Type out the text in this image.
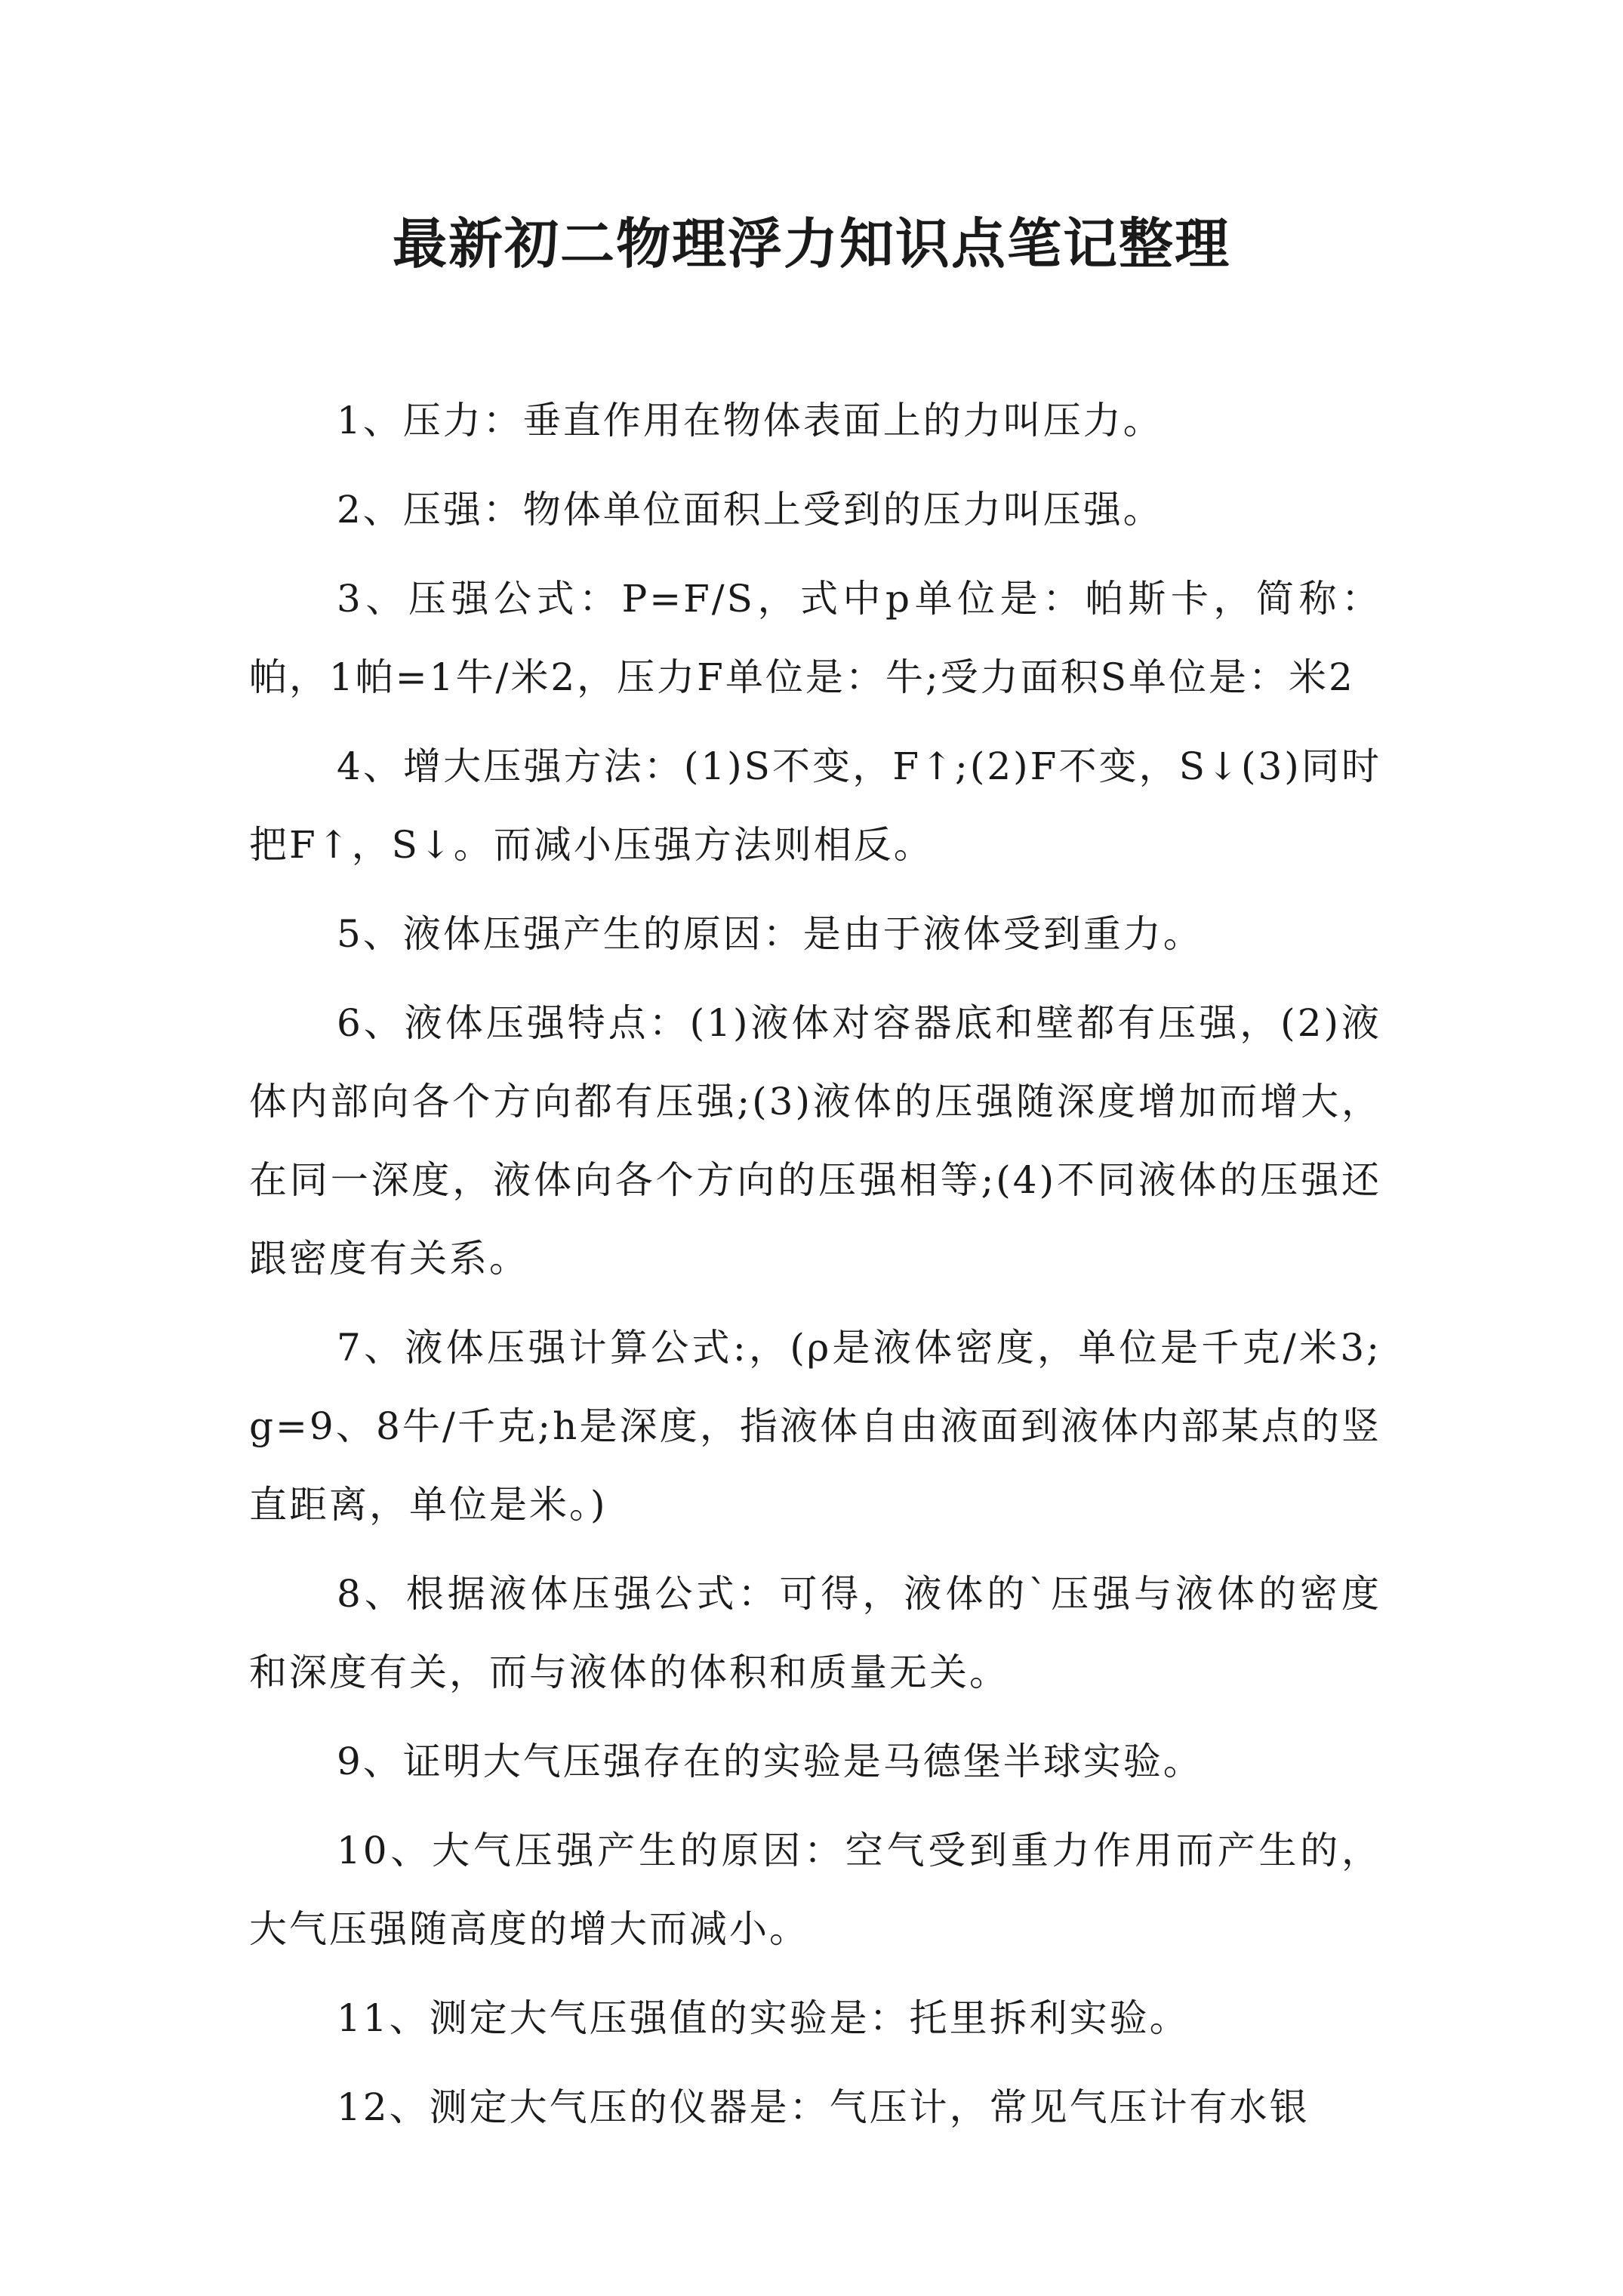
最新初二物理浮力知识点笔记整理

1、压力：垂直作用在物体表面上的力叫压力。

2、压强：物体单位面积上受到的压力叫压强。

3、压强公式：P=F/S，式中p单位是：帕斯卡，简称：帕，1帕=1牛/米2，压力F单位是：牛;受力面积S单位是：米2

4、增大压强方法：(1)S不变，F↑;(2)F不变，S↓(3)同时把F↑，S↓。而减小压强方法则相反。

5、液体压强产生的原因：是由于液体受到重力。

6、液体压强特点：(1)液体对容器底和壁都有压强，(2)液体内部向各个方向都有压强;(3)液体的压强随深度增加而增大，在同一深度，液体向各个方向的压强相等;(4)不同液体的压强还跟密度有关系。

7、液体压强计算公式:，(ρ是液体密度，单位是千克/米3;g=9、8牛/千克;h是深度，指液体自由液面到液体内部某点的竖直距离，单位是米。)

8、根据液体压强公式：可得，液体的`压强与液体的密度和深度有关，而与液体的体积和质量无关。

9、证明大气压强存在的实验是马德堡半球实验。

10、大气压强产生的原因：空气受到重力作用而产生的，大气压强随高度的增大而减小。

11、测定大气压强值的实验是：托里拆利实验。

12、测定大气压的仪器是：气压计，常见气压计有水银
